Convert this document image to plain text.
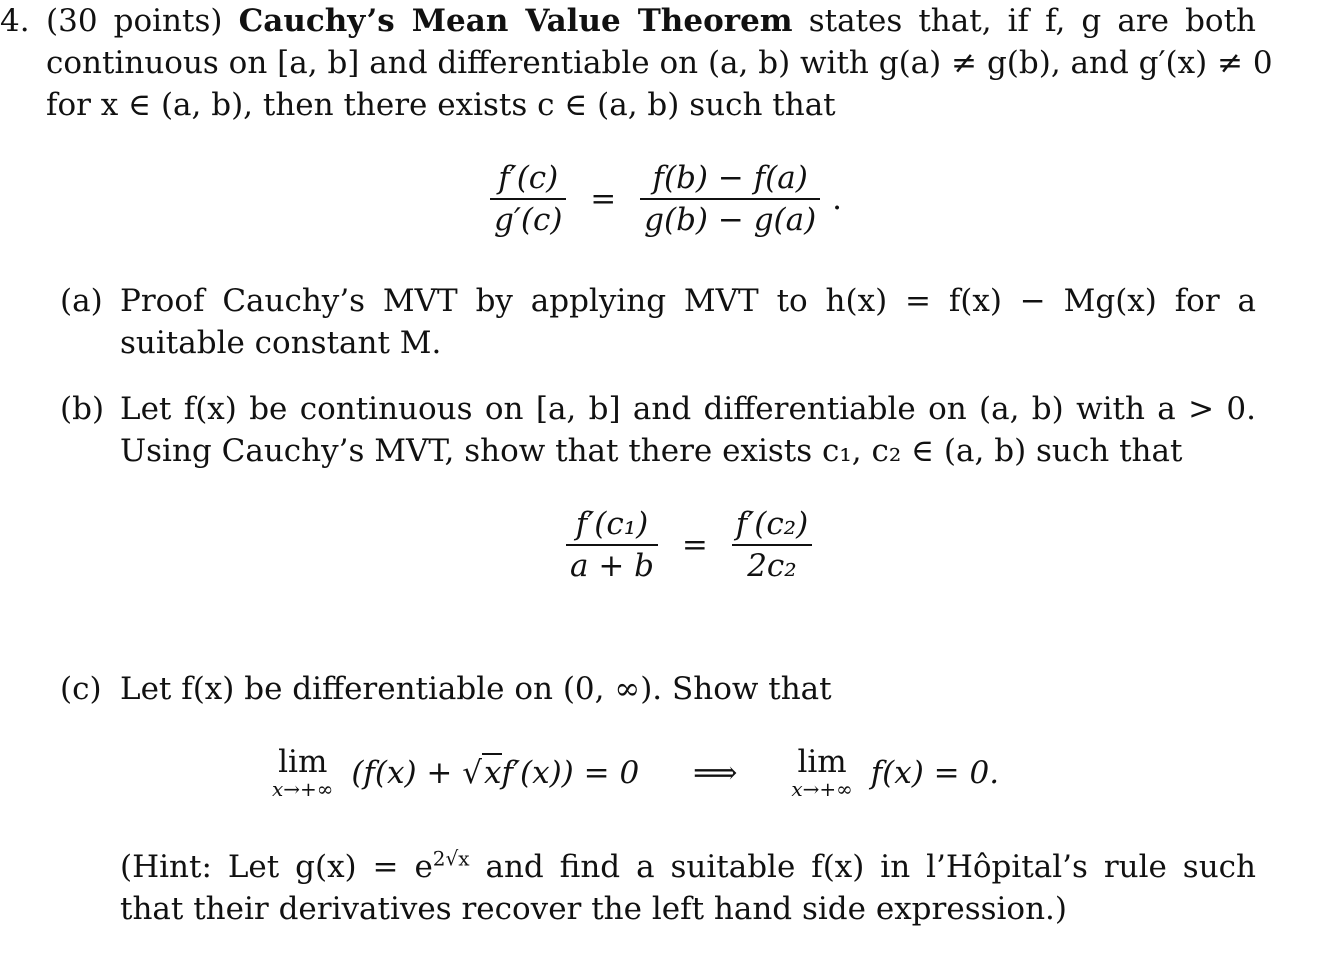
4. (30 points) Cauchy’s Mean Value Theorem states that, if f, g are both
continuous on [a, b] and differentiable on (a, b) with g(a) ≠ g(b), and g′(x) ≠ 0
for x ∈ (a, b), then there exists c ∈ (a, b) such that
$\frac{f'(c)}{g'(c)} = \frac{f(b) - f(a)}{g(b) - g(a)}$ .
(a) Proof Cauchy’s MVT by applying MVT to h(x) = f(x) − Mg(x) for a
suitable constant M.
(b) Let f(x) be continuous on [a, b] and differentiable on (a, b) with a > 0.
Using Cauchy’s MVT, show that there exists c₁, c₂ ∈ (a, b) such that
$\frac{\text{f′(c₁)}}{a + b} = \frac{\text{f′(c₂)}}{\text{2c₂}}$
(c) Let f(x) be differentiable on (0, ∞). Show that
lim
x→+∞ (f(x) + √xf′(x)) = 0 ⟹ lim
x→+∞ f(x) = 0.
(Hint: Let $g(x) = e^{2√x}$ and find a suitable f(x) in l’Hôpital’s rule such
that their derivatives recover the left hand side expression.)
